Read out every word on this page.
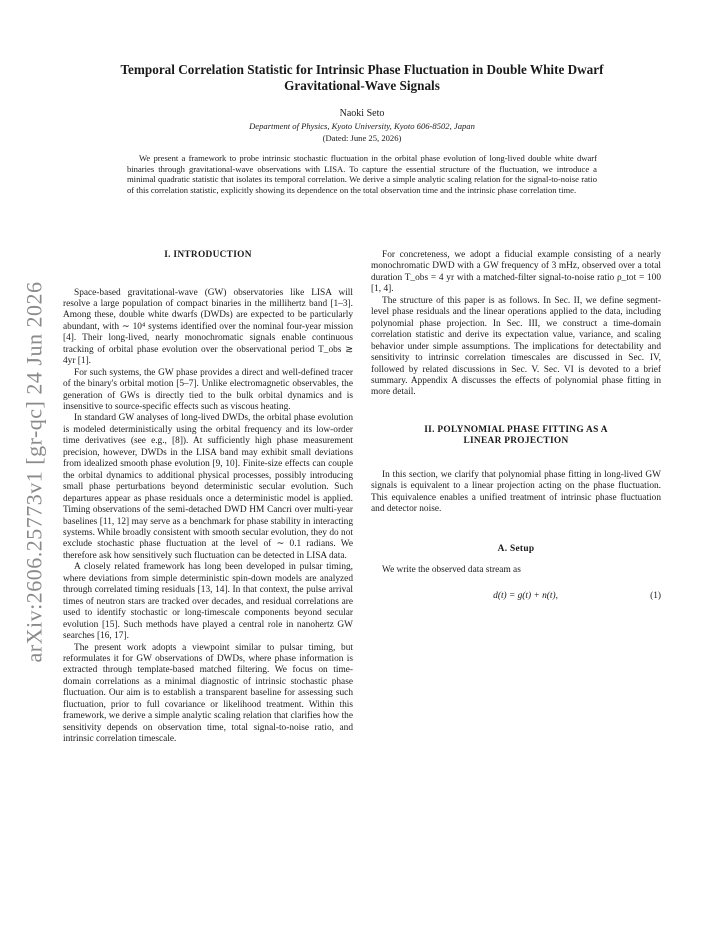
arXiv:2606.25773v1 [gr-qc] 24 Jun 2026
Temporal Correlation Statistic for Intrinsic Phase Fluctuation in Double White Dwarf
Gravitational-Wave Signals
Naoki Seto
Department of Physics, Kyoto University, Kyoto 606-8502, Japan
(Dated: June 25, 2026)

We present a framework to probe intrinsic stochastic fluctuation in the orbital phase evolution of long-lived double white dwarf binaries through gravitational-wave observations with LISA. To capture the essential structure of the fluctuation, we introduce a minimal quadratic statistic that isolates its temporal correlation. We derive a simple analytic scaling relation for the signal-to-noise ratio of this correlation statistic, explicitly showing its dependence on the total observation time and the intrinsic phase correlation time.

I. INTRODUCTION

Space-based gravitational-wave (GW) observatories like LISA will resolve a large population of compact binaries in the millihertz band [1–3]. Among these, double white dwarfs (DWDs) are expected to be particularly abundant, with ∼ 10⁴ systems identified over the nominal four-year mission [4]. Their long-lived, nearly monochromatic signals enable continuous tracking of orbital phase evolution over the observational period T_obs ≳ 4yr [1].

For such systems, the GW phase provides a direct and well-defined tracer of the binary's orbital motion [5–7]. Unlike electromagnetic observables, the generation of GWs is directly tied to the bulk orbital dynamics and is insensitive to source-specific effects such as viscous heating.

In standard GW analyses of long-lived DWDs, the orbital phase evolution is modeled deterministically using the orbital frequency and its low-order time derivatives (see e.g., [8]). At sufficiently high phase measurement precision, however, DWDs in the LISA band may exhibit small deviations from idealized smooth phase evolution [9, 10]. Finite-size effects can couple the orbital dynamics to additional physical processes, possibly introducing small phase perturbations beyond deterministic secular evolution. Such departures appear as phase residuals once a deterministic model is applied. Timing observations of the semi-detached DWD HM Cancri over multi-year baselines [11, 12] may serve as a benchmark for phase stability in interacting systems. While broadly consistent with smooth secular evolution, they do not exclude stochastic phase fluctuation at the level of ∼ 0.1 radians. We therefore ask how sensitively such fluctuation can be detected in LISA data.

A closely related framework has long been developed in pulsar timing, where deviations from simple deterministic spin-down models are analyzed through correlated timing residuals [13, 14]. In that context, the pulse arrival times of neutron stars are tracked over decades, and residual correlations are used to identify stochastic or long-timescale components beyond secular evolution [15]. Such methods have played a central role in nanohertz GW searches [16, 17].

The present work adopts a viewpoint similar to pulsar timing, but reformulates it for GW observations of DWDs, where phase information is extracted through template-based matched filtering. We focus on time-domain correlations as a minimal diagnostic of intrinsic stochastic phase fluctuation. Our aim is to establish a transparent baseline for assessing such fluctuation, prior to full covariance or likelihood treatment. Within this framework, we derive a simple analytic scaling relation that clarifies how the sensitivity depends on observation time, total signal-to-noise ratio, and intrinsic correlation timescale.

For concreteness, we adopt a fiducial example consisting of a nearly monochromatic DWD with a GW frequency of 3 mHz, observed over a total duration T_obs = 4 yr with a matched-filter signal-to-noise ratio ρ_tot = 100 [1, 4].

The structure of this paper is as follows. In Sec. II, we define segment-level phase residuals and the linear operations applied to the data, including polynomial phase projection. In Sec. III, we construct a time-domain correlation statistic and derive its expectation value, variance, and scaling behavior under simple assumptions. The implications for detectability and sensitivity to intrinsic correlation timescales are discussed in Sec. IV, followed by related discussions in Sec. V. Sec. VI is devoted to a brief summary. Appendix A discusses the effects of polynomial phase fitting in more detail.

II. POLYNOMIAL PHASE FITTING AS A
LINEAR PROJECTION

In this section, we clarify that polynomial phase fitting in long-lived GW signals is equivalent to a linear projection acting on the phase fluctuation. This equivalence enables a unified treatment of intrinsic phase fluctuation and detector noise.

A. Setup

We write the observed data stream as

d(t) = g(t) + n(t),	(1)
